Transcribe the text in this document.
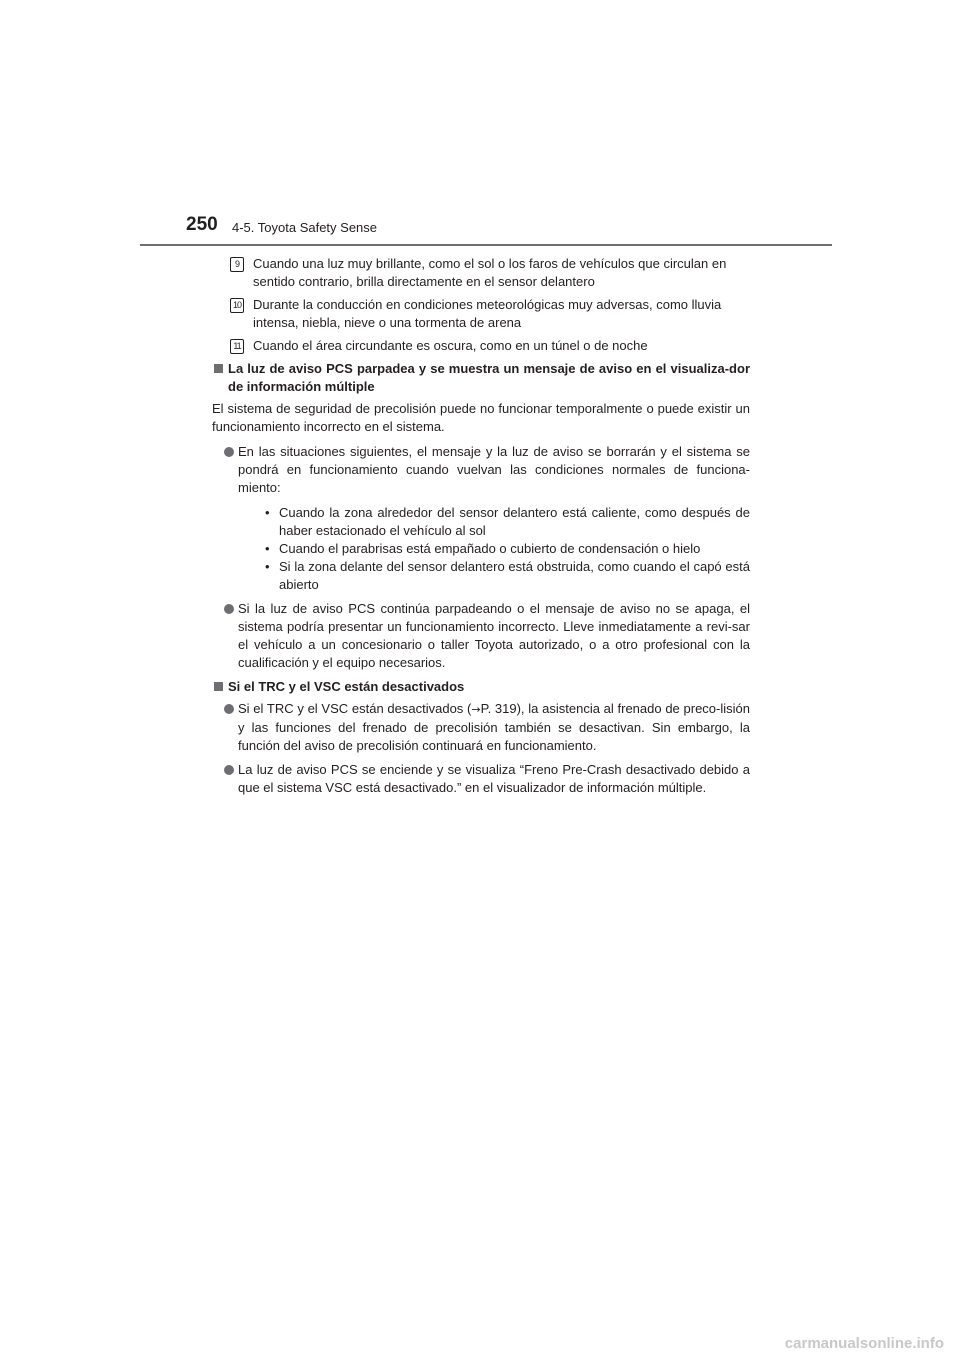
250 4-5. Toyota Safety Sense
9	Cuando una luz muy brillante, como el sol o los faros de vehículos que circulan en sentido contrario, brilla directamente en el sensor delantero
10 Durante la conducción en condiciones meteorológicas muy adversas, como lluvia intensa, niebla, nieve o una tormenta de arena
11 Cuando el área circundante es oscura, como en un túnel o de noche
La luz de aviso PCS parpadea y se muestra un mensaje de aviso en el visualiza-dor de información múltiple
El sistema de seguridad de precolisión puede no funcionar temporalmente o puede existir un funcionamiento incorrecto en el sistema.
En las situaciones siguientes, el mensaje y la luz de aviso se borrarán y el sistema se pondrá en funcionamiento cuando vuelvan las condiciones normales de funciona-miento:
• Cuando la zona alrededor del sensor delantero está caliente, como después de haber estacionado el vehículo al sol
• Cuando el parabrisas está empañado o cubierto de condensación o hielo
• Si la zona delante del sensor delantero está obstruida, como cuando el capó está abierto
Si la luz de aviso PCS continúa parpadeando o el mensaje de aviso no se apaga, el sistema podría presentar un funcionamiento incorrecto. Lleve inmediatamente a revi-sar el vehículo a un concesionario o taller Toyota autorizado, o a otro profesional con la cualificación y el equipo necesarios.
Si el TRC y el VSC están desactivados
Si el TRC y el VSC están desactivados (→P. 319), la asistencia al frenado de preco-lisión y las funciones del frenado de precolisión también se desactivan. Sin embargo, la función del aviso de precolisión continuará en funcionamiento.
La luz de aviso PCS se enciende y se visualiza “Freno Pre-Crash desactivado debido a que el sistema VSC está desactivado.” en el visualizador de información múltiple.
carmanualsonline.info
